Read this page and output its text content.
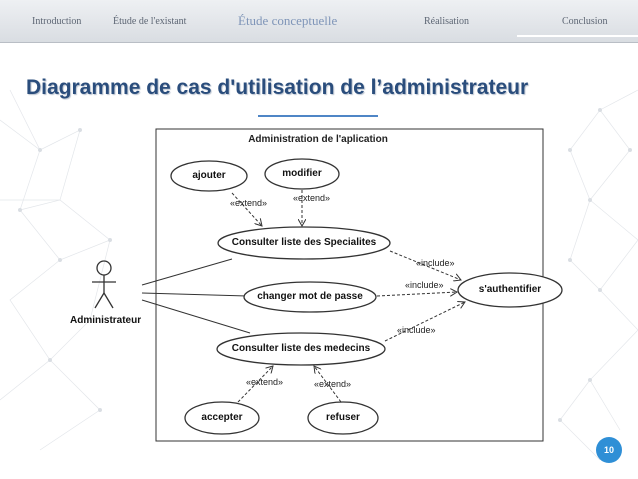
Introduction	Étude de l'existant	Étude conceptuelle	Réalisation	Conclusion
Diagramme de cas d'utilisation de l’administrateur
Administration de l'aplication
Administrateur
ajouter	modifier
Consulter liste des Specialites
changer mot de passe
Consulter liste des medecins
s'authentifier
accepter	refuser
«extend»	«extend»
«include»
«include»
«include»
«extend»	«extend»
10
